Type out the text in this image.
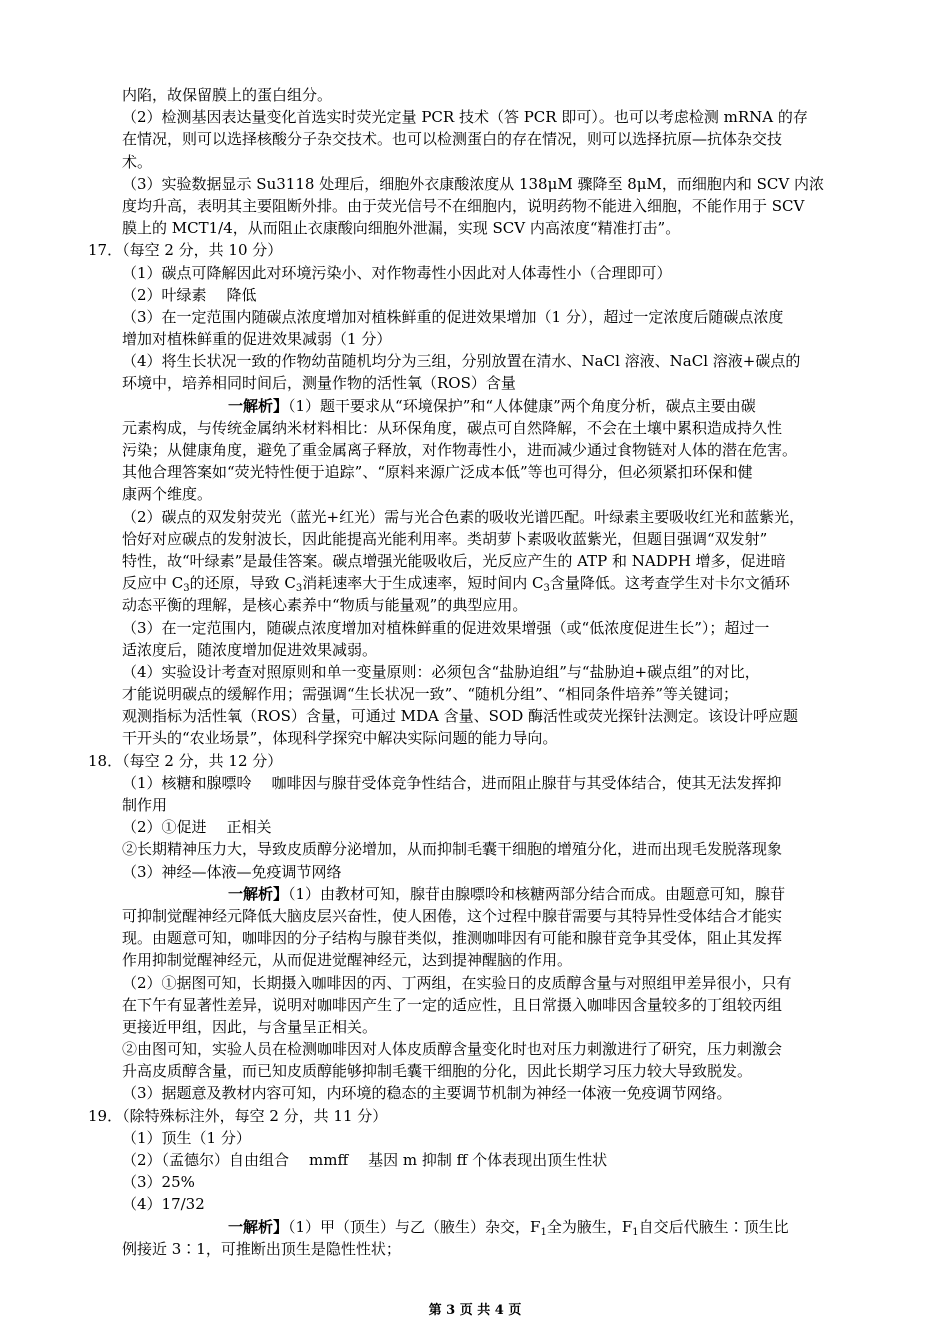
内陷，故保留膜上的蛋白组分。
（2）检测基因表达量变化首选实时荧光定量 PCR 技术（答 PCR 即可）。也可以考虑检测 mRNA 的存
在情况，则可以选择核酸分子杂交技术。也可以检测蛋白的存在情况，则可以选择抗原—抗体杂交技
术。
（3）实验数据显示 Su3118 处理后，细胞外衣康酸浓度从 138μM 骤降至 8μM，而细胞内和 SCV 内浓
度均升高，表明其主要阻断外排。由于荧光信号不在细胞内，说明药物不能进入细胞，不能作用于 SCV
膜上的 MCT1/4，从而阻止衣康酸向细胞外泄漏，实现 SCV 内高浓度“精准打击”。
17．（每空 2 分，共 10 分）
（1）碳点可降解因此对环境污染小、对作物毒性小因此对人体毒性小（合理即可）
（2）叶绿素 降低
（3）在一定范围内随碳点浓度增加对植株鲜重的促进效果增加（1 分），超过一定浓度后随碳点浓度
增加对植株鲜重的促进效果减弱（1 分）
（4）将生长状况一致的作物幼苗随机均分为三组，分别放置在清水、NaCl 溶液、NaCl 溶液+碳点的
环境中，培养相同时间后，测量作物的活性氧（ROS）含量
一解析】（1）题干要求从“环境保护”和“人体健康”两个角度分析，碳点主要由碳
元素构成，与传统金属纳米材料相比：从环保角度，碳点可自然降解，不会在土壤中累积造成持久性
污染；从健康角度，避免了重金属离子释放，对作物毒性小，进而减少通过食物链对人体的潜在危害。
其他合理答案如“荧光特性便于追踪”、“原料来源广泛成本低”等也可得分，但必须紧扣环保和健
康两个维度。
（2）碳点的双发射荧光（蓝光+红光）需与光合色素的吸收光谱匹配。叶绿素主要吸收红光和蓝紫光，
恰好对应碳点的发射波长，因此能提高光能利用率。类胡萝卜素吸收蓝紫光，但题目强调“双发射”
特性，故“叶绿素”是最佳答案。碳点增强光能吸收后，光反应产生的 ATP 和 NADPH 增多，促进暗
反应中 $C_3$的还原，导致 $C_3$消耗速率大于生成速率，短时间内 $C_3$含量降低。这考查学生对卡尔文循环
动态平衡的理解，是核心素养中“物质与能量观”的典型应用。
（3）在一定范围内，随碳点浓度增加对植株鲜重的促进效果增强（或“低浓度促进生长”）；超过一
适浓度后，随浓度增加促进效果减弱。
（4）实验设计考查对照原则和单一变量原则：必须包含“盐胁迫组”与“盐胁迫+碳点组”的对比，
才能说明碳点的缓解作用；需强调“生长状况一致”、“随机分组”、“相同条件培养”等关键词；
观测指标为活性氧（ROS）含量，可通过 MDA 含量、SOD 酶活性或荧光探针法测定。该设计呼应题
干开头的“农业场景”，体现科学探究中解决实际问题的能力导向。
18．（每空 2 分，共 12 分）
（1）核糖和腺嘌呤 咖啡因与腺苷受体竞争性结合，进而阻止腺苷与其受体结合，使其无法发挥抑
制作用
（2）①促进 正相关
②长期精神压力大，导致皮质醇分泌增加，从而抑制毛囊干细胞的增殖分化，进而出现毛发脱落现象
（3）神经—体液—免疫调节网络
一解析】（1）由教材可知，腺苷由腺嘌呤和核糖两部分结合而成。由题意可知，腺苷
可抑制觉醒神经元降低大脑皮层兴奋性，使人困倦，这个过程中腺苷需要与其特异性受体结合才能实
现。由题意可知，咖啡因的分子结构与腺苷类似，推测咖啡因有可能和腺苷竞争其受体，阻止其发挥
作用抑制觉醒神经元，从而促进觉醒神经元，达到提神醒脑的作用。
（2）①据图可知，长期摄入咖啡因的丙、丁两组，在实验日的皮质醇含量与对照组甲差异很小，只有
在下午有显著性差异，说明对咖啡因产生了一定的适应性，且日常摄入咖啡因含量较多的丁组较丙组
更接近甲组，因此，与含量呈正相关。
②由图可知，实验人员在检测咖啡因对人体皮质醇含量变化时也对压力刺激进行了研究，压力刺激会
升高皮质醇含量，而已知皮质醇能够抑制毛囊干细胞的分化，因此长期学习压力较大导致脱发。
（3）据题意及教材内容可知，内环境的稳态的主要调节机制为神经一体液一免疫调节网络。
19．（除特殊标注外，每空 2 分，共 11 分）
（1）顶生（1 分）
（2）（孟德尔）自由组合 mmff 基因 m 抑制 ff 个体表现出顶生性状
（3）25%
（4）17/32
一解析】（1）甲（顶生）与乙（腋生）杂交，$F_1$全为腋生，$F_1$自交后代腋生∶顶生比
例接近 3∶1，可推断出顶生是隐性性状；
第 3 页 共 4 页
